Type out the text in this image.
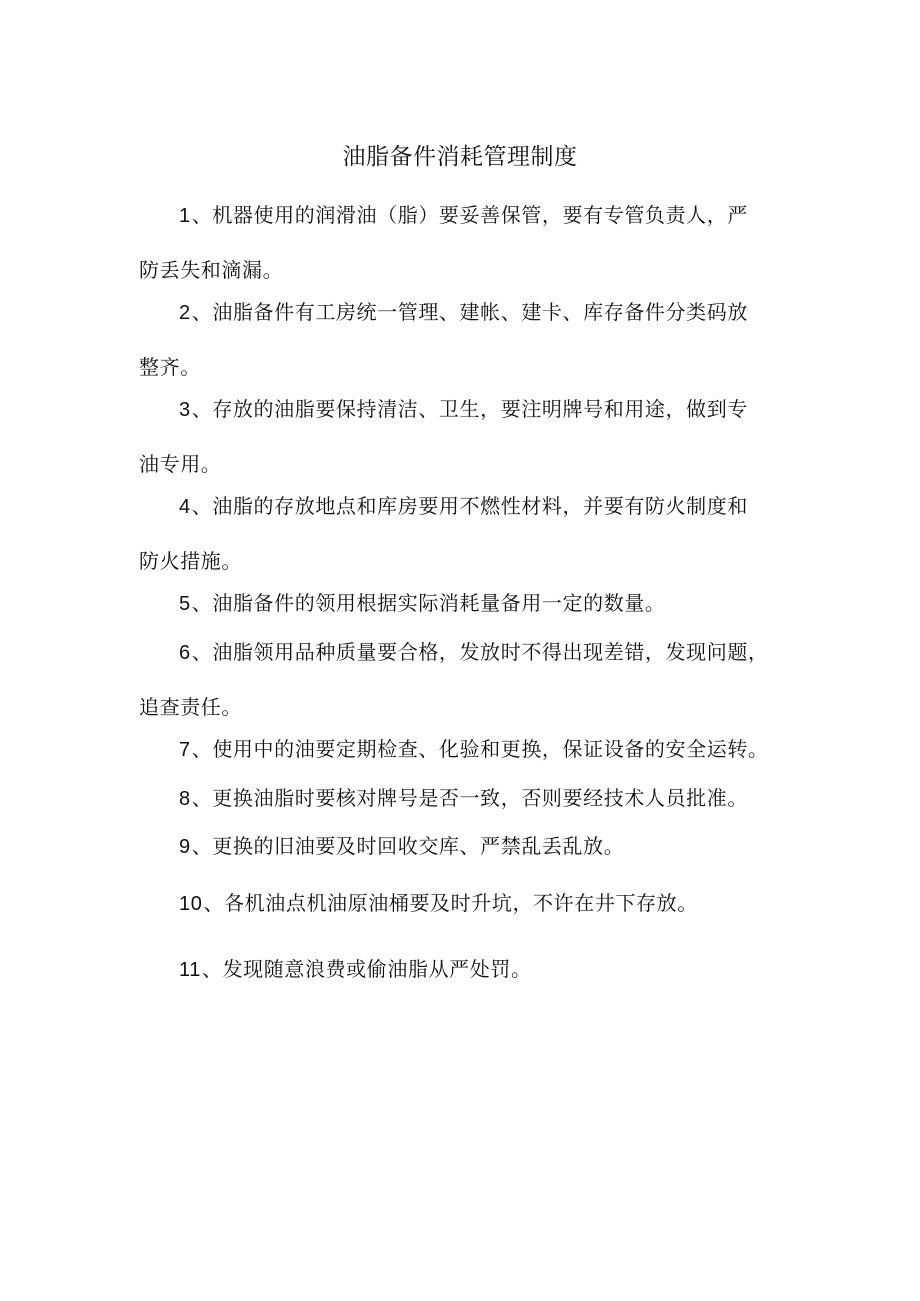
油脂备件消耗管理制度
1、机器使用的润滑油（脂）要妥善保管，要有专管负责人，严
防丢失和滴漏。
2、油脂备件有工房统一管理、建帐、建卡、库存备件分类码放
整齐。
3、存放的油脂要保持清洁、卫生，要注明牌号和用途，做到专
油专用。
4、油脂的存放地点和库房要用不燃性材料，并要有防火制度和
防火措施。
5、油脂备件的领用根据实际消耗量备用一定的数量。
6、油脂领用品种质量要合格，发放时不得出现差错，发现问题，
追查责任。
7、使用中的油要定期检查、化验和更换，保证设备的安全运转。
8、更换油脂时要核对牌号是否一致，否则要经技术人员批准。
9、更换的旧油要及时回收交库、严禁乱丢乱放。
10、各机油点机油原油桶要及时升坑，不许在井下存放。
11、发现随意浪费或偷油脂从严处罚。
